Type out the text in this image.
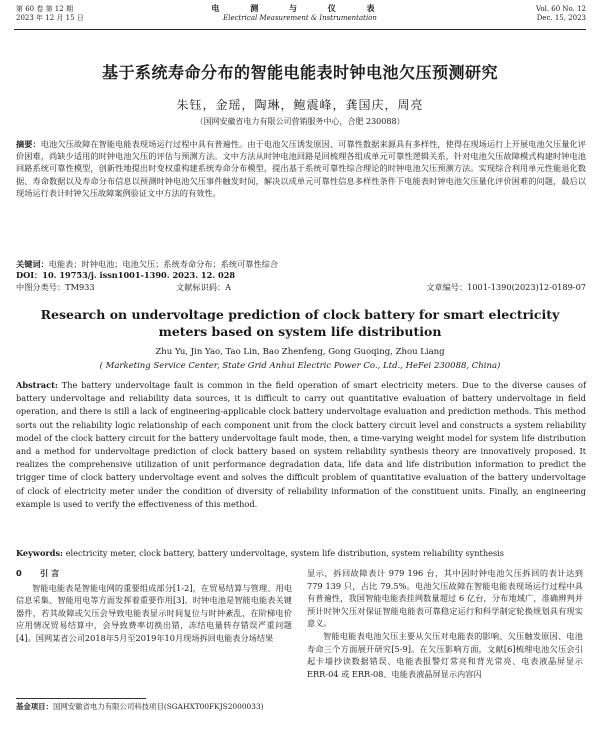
第 60 卷 第 12 期
2023 年 12 月 15 日
电 测 与 仪 表
Electrical Measurement & Instrumentation
Vol. 60 No. 12
Dec. 15, 2023
基于系统寿命分布的智能电能表时钟电池欠压预测研究
朱钰，金瑶，陶琳，鲍震峰，龚国庆，周亮
（国网安徽省电力有限公司营销服务中心，合肥 230088）
摘要：电池欠压故障在智能电能表现场运行过程中具有普遍性。由于电池欠压诱发原因、可靠性数据来源具有多样性，使得在现场运行上开展电池欠压量化评价困难，尚缺少适用的时钟电池欠压的评估与预测方法。文中方法从时钟电池回路是回梳理各组成单元可靠性逻辑关系，针对电池欠压故障模式构建时钟电池回路系统可靠性模型，创新性地提出时变权重构建系统寿命分布模型，提出基于系统可靠性综合理论的时钟电池欠压预测方法。实现综合利用单元性能退化数据、寿命数据以及寿命分布信息以预测时钟电池欠压事件触发时间，解决以成单元可靠性信息多样性条件下电能表时钟电池欠压量化评价困难的问题，最后以现场运行表计时钟欠压故障案例验证文中方法的有效性。
关键词：电能表；时钟电池；电池欠压；系统寿命分布；系统可靠性综合
DOI：10. 19753/j. issn1001-1390. 2023. 12. 028
中图分类号：TM933	文献标识码：A	文章编号：1001-1390(2023)12-0189-07
Research on undervoltage prediction of clock battery for smart electricity meters based on system life distribution
Zhu Yu, Jin Yao, Tao Lin, Bao Zhenfeng, Gong Guoqing, Zhou Liang
( Marketing Service Center, State Grid Anhui Electric Power Co., Ltd., HeFei 230088, China)
Abstract: The battery undervoltage fault is common in the field operation of smart electricity meters. Due to the diverse causes of battery undervoltage and reliability data sources, it is difficult to carry out quantitative evaluation of battery undervoltage in field operation, and there is still a lack of engineering-applicable clock battery undervoltage evaluation and prediction methods. This method sorts out the reliability logic relationship of each component unit from the clock battery circuit level and constructs a system reliability model of the clock battery circuit for the battery undervoltage fault mode, then, a time-varying weight model for system life distribution and a method for undervoltage prediction of clock battery based on system reliability synthesis theory are innovatively proposed. It realizes the comprehensive utilization of unit performance degradation data, life data and life distribution information to predict the trigger time of clock battery undervoltage event and solves the difficult problem of quantitative evaluation of the battery undervoltage of clock of electricity meter under the condition of diversity of reliability information of the constituent units. Finally, an engineering example is used to verify the effectiveness of this method.
Keywords: electricity meter, clock battery, battery undervoltage, system life distribution, system reliability synthesis
0 引 言
智能电能表是智能电网的重要组成部分[1-2]，在贸易结算与管理、用电信息采集、智能用电等方面发挥着重要作用[3]。时钟电池是智能电能表关键器件，若其故障或欠压会导致电能表显示时间复位与时钟紊乱，在阶梯电价应用情况贸易结算中，会导致费率切换出错，冻结电量转存错误严重问题[4]。国网某省公司2018年5月至2019年10月现场拆回电能表分场结果
显示，拆回故障表计 979 196 台，其中因时钟电池欠压拆回的表计达到 779 139 只，占比 79.5%。电池欠压故障在智能电能表现场运行过程中具有普遍性，我国智能电能表挂网数量超过 6 亿台，分布地域广，准确辨判并预计时钟欠压对保证智能电能表可靠稳定运行和科学制定轮换规划具有现实意义。
智能电能表电池欠压主要从欠压对电能表的影响、欠压触发原因、电池寿命三个方面展开研究[5-9]。在欠压影响方面，文献[6]梳理电池欠压会引起卡墙抄读数据错误、电能表报警灯常亮和背光常亮、电表液晶屏显示 ERR-04 或 ERR-08、电能表液晶屏显示内容闪
基金项目：国网安徽省电力有限公司科技项目(SGAHXT00FKJS2000033)
